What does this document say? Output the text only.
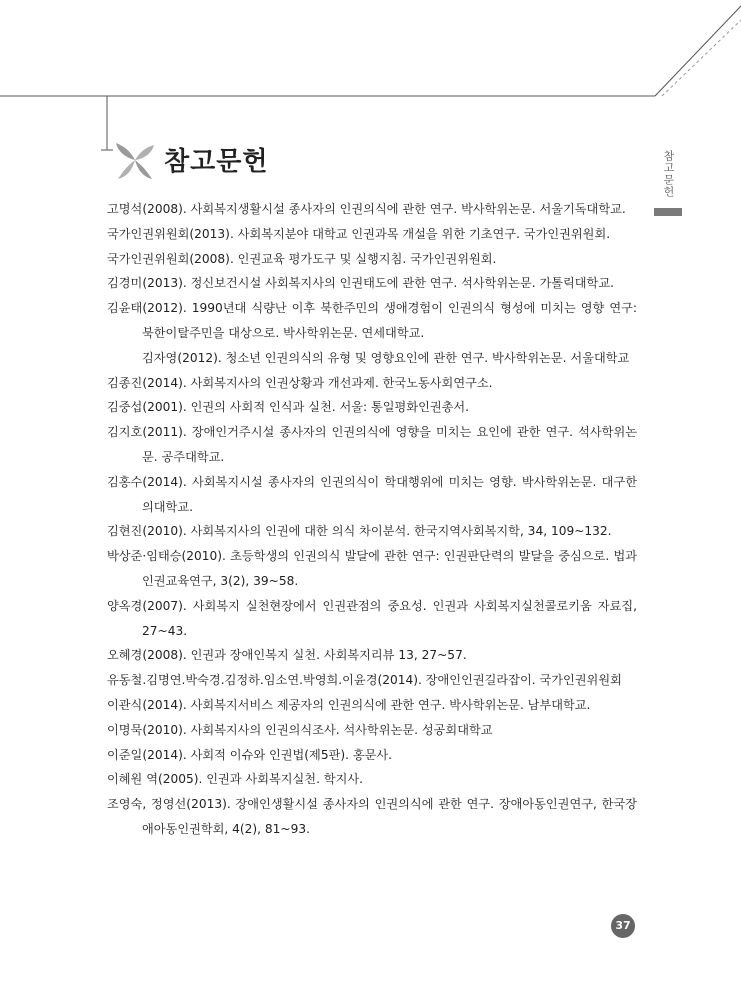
참고문헌	참고문헌

고명석(2008). 사회복지생활시설 종사자의 인권의식에 관한 연구. 박사학위논문. 서울기독대학교.

국가인권위원회(2013). 사회복지분야 대학교 인권과목 개설을 위한 기초연구. 국가인권위원회.

국가인권위원회(2008). 인권교육 평가도구 및 실행지침. 국가인권위원회.

김경미(2013). 정신보건시설 사회복지사의 인권태도에 관한 연구. 석사학위논문. 가톨릭대학교.

김윤태(2012). 1990년대 식량난 이후 북한주민의 생애경험이 인권의식 형성에 미치는 영향 연구: 북한이탈주민을 대상으로. 박사학위논문. 연세대학교.

김자영(2012). 청소년 인권의식의 유형 및 영향요인에 관한 연구. 박사학위논문. 서울대학교

김종진(2014). 사회복지사의 인권상황과 개선과제. 한국노동사회연구소.

김중섭(2001). 인권의 사회적 인식과 실천. 서울: 통일평화인권총서.

김지호(2011). 장애인거주시설 종사자의 인권의식에 영향을 미치는 요인에 관한 연구. 석사학위논문. 공주대학교.

김홍수(2014). 사회복지시설 종사자의 인권의식이 학대행위에 미치는 영향. 박사학위논문. 대구한의대학교.

김현진(2010). 사회복지사의 인권에 대한 의식 차이분석. 한국지역사회복지학, 34, 109~132.

박상준·임태승(2010). 초등학생의 인권의식 발달에 관한 연구: 인권판단력의 발달을 중심으로. 법과 인권교육연구, 3(2), 39~58.

양옥경(2007). 사회복지 실천현장에서 인권관점의 중요성. 인권과 사회복지실천콜로키움 자료집, 27~43.

오혜경(2008). 인권과 장애인복지 실천. 사회복지리뷰 13, 27~57.

유동철.김명연.박숙경.김정하.임소연.박영희.이윤경(2014). 장애인인권길라잡이. 국가인권위원회

이관식(2014). 사회복지서비스 제공자의 인권의식에 관한 연구. 박사학위논문. 남부대학교.

이명묵(2010). 사회복지사의 인권의식조사. 석사학위논문. 성공회대학교

이준일(2014). 사회적 이슈와 인권법(제5판). 홍문사.

이혜원 역(2005). 인권과 사회복지실천. 학지사.

조영숙, 정영선(2013). 장애인생활시설 종사자의 인권의식에 관한 연구. 장애아동인권연구, 한국장애아동인권학회, 4(2), 81~93.

37
